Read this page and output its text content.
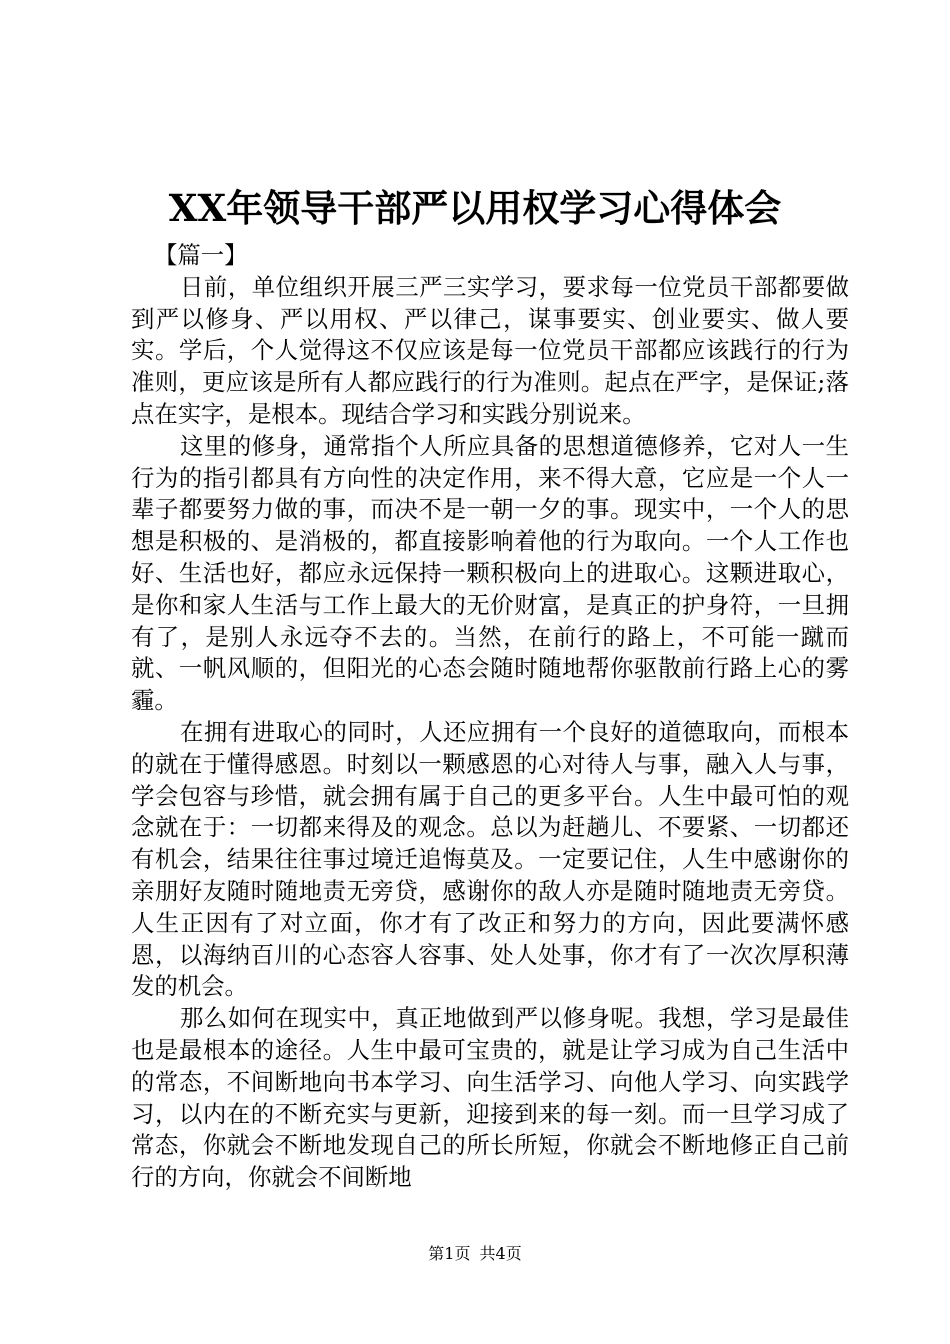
XX年领导干部严以用权学习心得体会

【篇一】

日前，单位组织开展三严三实学习，要求每一位党员干部都要做到严以修身、严以用权、严以律己，谋事要实、创业要实、做人要实。学后，个人觉得这不仅应该是每一位党员干部都应该践行的行为准则，更应该是所有人都应践行的行为准则。起点在严字，是保证;落点在实字，是根本。现结合学习和实践分别说来。

这里的修身，通常指个人所应具备的思想道德修养，它对人一生行为的指引都具有方向性的决定作用，来不得大意，它应是一个人一辈子都要努力做的事，而决不是一朝一夕的事。现实中，一个人的思想是积极的、是消极的，都直接影响着他的行为取向。一个人工作也好、生活也好，都应永远保持一颗积极向上的进取心。这颗进取心，是你和家人生活与工作上最大的无价财富，是真正的护身符，一旦拥有了，是别人永远夺不去的。当然，在前行的路上，不可能一蹴而就、一帆风顺的，但阳光的心态会随时随地帮你驱散前行路上心的雾霾。

在拥有进取心的同时，人还应拥有一个良好的道德取向，而根本的就在于懂得感恩。时刻以一颗感恩的心对待人与事，融入人与事，学会包容与珍惜，就会拥有属于自己的更多平台。人生中最可怕的观念就在于：一切都来得及的观念。总以为赶趟儿、不要紧、一切都还有机会，结果往往事过境迁追悔莫及。一定要记住，人生中感谢你的亲朋好友随时随地责无旁贷，感谢你的敌人亦是随时随地责无旁贷。人生正因有了对立面，你才有了改正和努力的方向，因此要满怀感恩，以海纳百川的心态容人容事、处人处事，你才有了一次次厚积薄发的机会。

那么如何在现实中，真正地做到严以修身呢。我想，学习是最佳也是最根本的途径。人生中最可宝贵的，就是让学习成为自己生活中的常态，不间断地向书本学习、向生活学习、向他人学习、向实践学习，以内在的不断充实与更新，迎接到来的每一刻。而一旦学习成了常态，你就会不断地发现自己的所长所短，你就会不断地修正自己前行的方向，你就会不间断地

第1页 共4页
